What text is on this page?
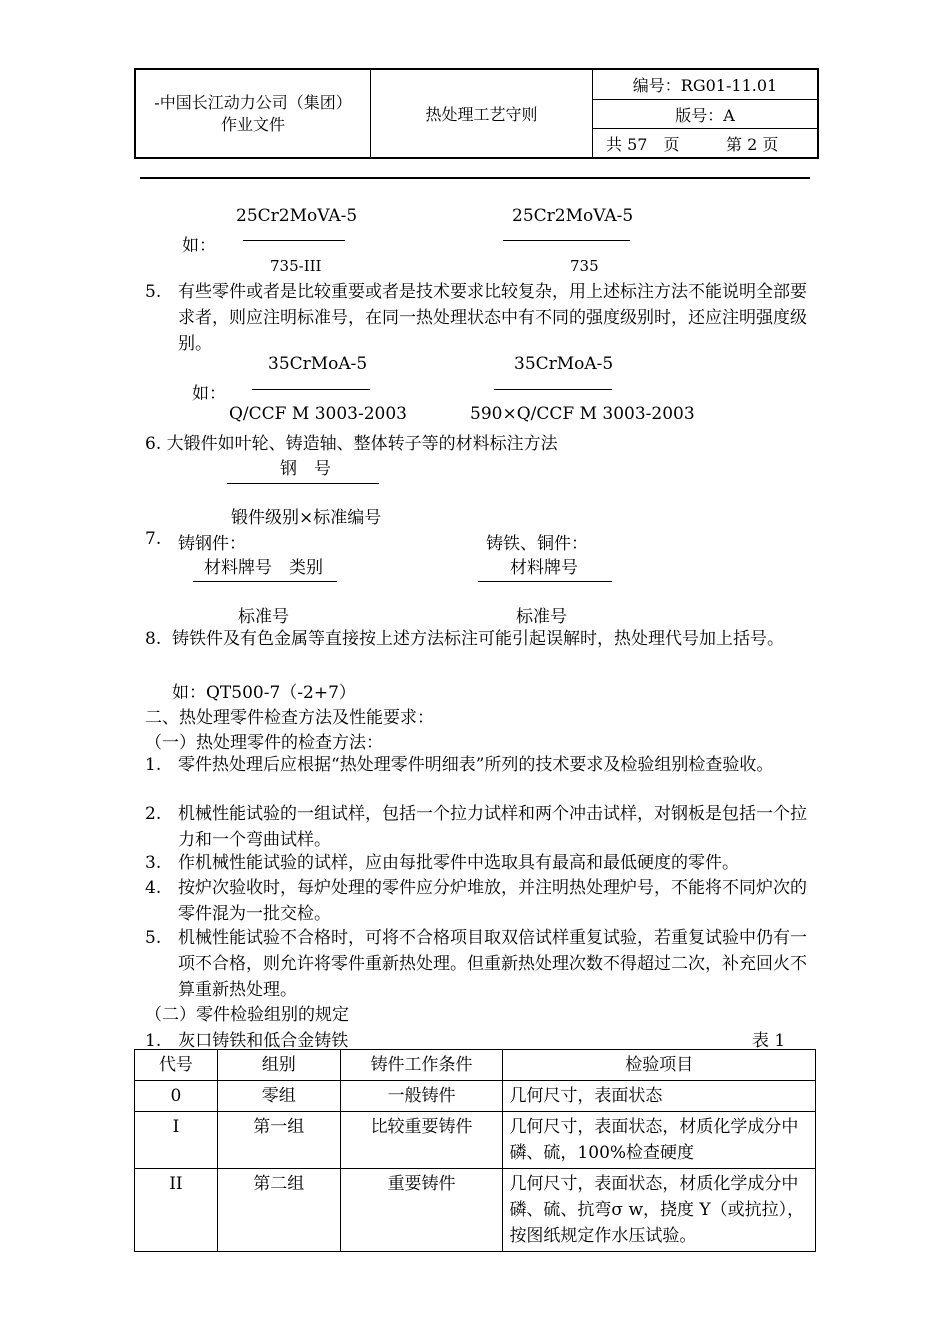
-中国长江动力公司（集团）
作业文件	热处理工艺守则
编号：RG01-11.01
版号：A
共 57　页	第 2 页
25Cr2MoVA-5	25Cr2MoVA-5
如：
735-III	735
5. 有些零件或者是比较重要或者是技术要求比较复杂，用上述标注方法不能说明全部要求者，则应注明标准号，在同一热处理状态中有不同的强度级别时，还应注明强度级别。

35CrMoA-5	35CrMoA-5
如：
Q/CCF M 3003-2003	590×Q/CCF M 3003-2003
6. 大锻件如叶轮、铸造轴、整体转子等的材料标注方法
钢　号
锻件级别×标准编号
7. 铸钢件：	铸铁、铜件：
材料牌号　类别	材料牌号
标准号	标准号
8. 铸铁件及有色金属等直接按上述方法标注可能引起误解时，热处理代号加上括号。

如：QT500-7（-2+7）
二、热处理零件检查方法及性能要求：
（一）热处理零件的检查方法：
1. 零件热处理后应根据“热处理零件明细表”所列的技术要求及检验组别检查验收。

2. 机械性能试验的一组试样，包括一个拉力试样和两个冲击试样，对钢板是包括一个拉力和一个弯曲试样。

3. 作机械性能试验的试样，应由每批零件中选取具有最高和最低硬度的零件。

4. 按炉次验收时，每炉处理的零件应分炉堆放，并注明热处理炉号，不能将不同炉次的零件混为一批交检。

5. 机械性能试验不合格时，可将不合格项目取双倍试样重复试验，若重复试验中仍有一项不合格，则允许将零件重新热处理。但重新热处理次数不得超过二次，补充回火不算重新热处理。

（二）零件检验组别的规定
1.　灰口铸铁和低合金铸铁	表 1
代号	组别	铸件工作条件	检验项目
0	零组	一般铸件	几何尺寸，表面状态
I	第一组	比较重要铸件	几何尺寸，表面状态，材质化学成分中磷、硫，100%检查硬度
II	第二组	重要铸件	几何尺寸，表面状态，材质化学成分中磷、硫、抗弯σ w，挠度 Y（或抗拉），按图纸规定作水压试验。
